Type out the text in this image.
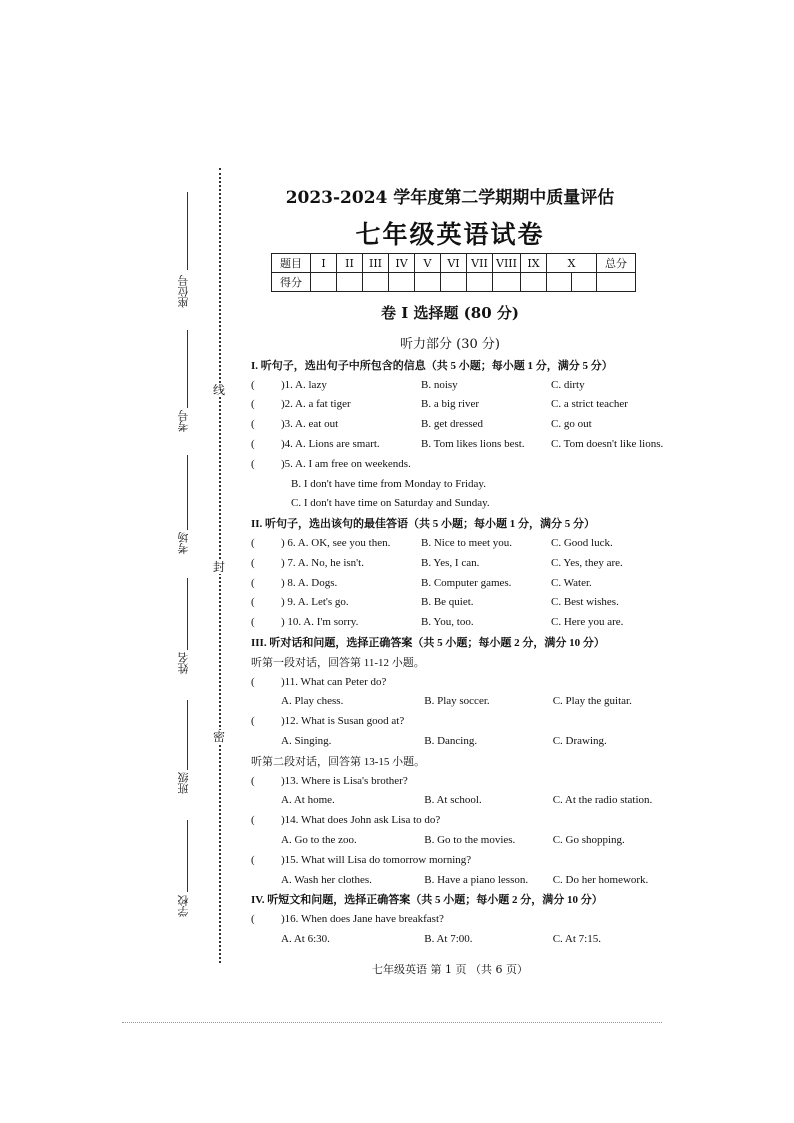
线
封
密
座位号
考号
考场
姓名
班级
学校
2023-2024 学年度第二学期期中质量评估
七年级英语试卷
题目	I	II	III	IV	V	VI	VII	VIII	IX	X		总分
得分												
卷 I 选择题 (80 分)
听力部分 (30 分)
I. 听句子，选出句子中所包含的信息（共 5 小题；每小题 1 分，满分 5 分）
(	)1. A. lazy	B. noisy	C. dirty
(	)2. A. a fat tiger	B. a big river	C. a strict teacher
(	)3. A. eat out	B. get dressed	C. go out
(	)4. A. Lions are smart.	B. Tom likes lions best.	C. Tom doesn't like lions.
(	)5. A. I am free on weekends.
B. I don't have time from Monday to Friday.
C. I don't have time on Saturday and Sunday.
II. 听句子，选出该句的最佳答语（共 5 小题；每小题 1 分，满分 5 分）
(	) 6. A. OK, see you then.	B. Nice to meet you.	C. Good luck.
(	) 7. A. No, he isn't.	B. Yes, I can.	C. Yes, they are.
(	) 8. A. Dogs.	B. Computer games.	C. Water.
(	) 9. A. Let's go.	B. Be quiet.	C. Best wishes.
(	) 10. A. I'm sorry.	B. You, too.	C. Here you are.
III. 听对话和问题，选择正确答案（共 5 小题；每小题 2 分，满分 10 分）
听第一段对话，回答第 11-12 小题。
(	)11. What can Peter do?
A. Play chess.	B. Play soccer.	C. Play the guitar.
(	)12. What is Susan good at?
A. Singing.	B. Dancing.	C. Drawing.
听第二段对话，回答第 13-15 小题。
(	)13. Where is Lisa's brother?
A. At home.	B. At school.	C. At the radio station.
(	)14. What does John ask Lisa to do?
A. Go to the zoo.	B. Go to the movies.	C. Go shopping.
(	)15. What will Lisa do tomorrow morning?
A. Wash her clothes.	B. Have a piano lesson.	C. Do her homework.
IV. 听短文和问题，选择正确答案（共 5 小题；每小题 2 分，满分 10 分）
(	)16. When does Jane have breakfast?
A. At 6:30.	B. At 7:00.	C. At 7:15.
七年级英语 第 1 页 （共 6 页）
